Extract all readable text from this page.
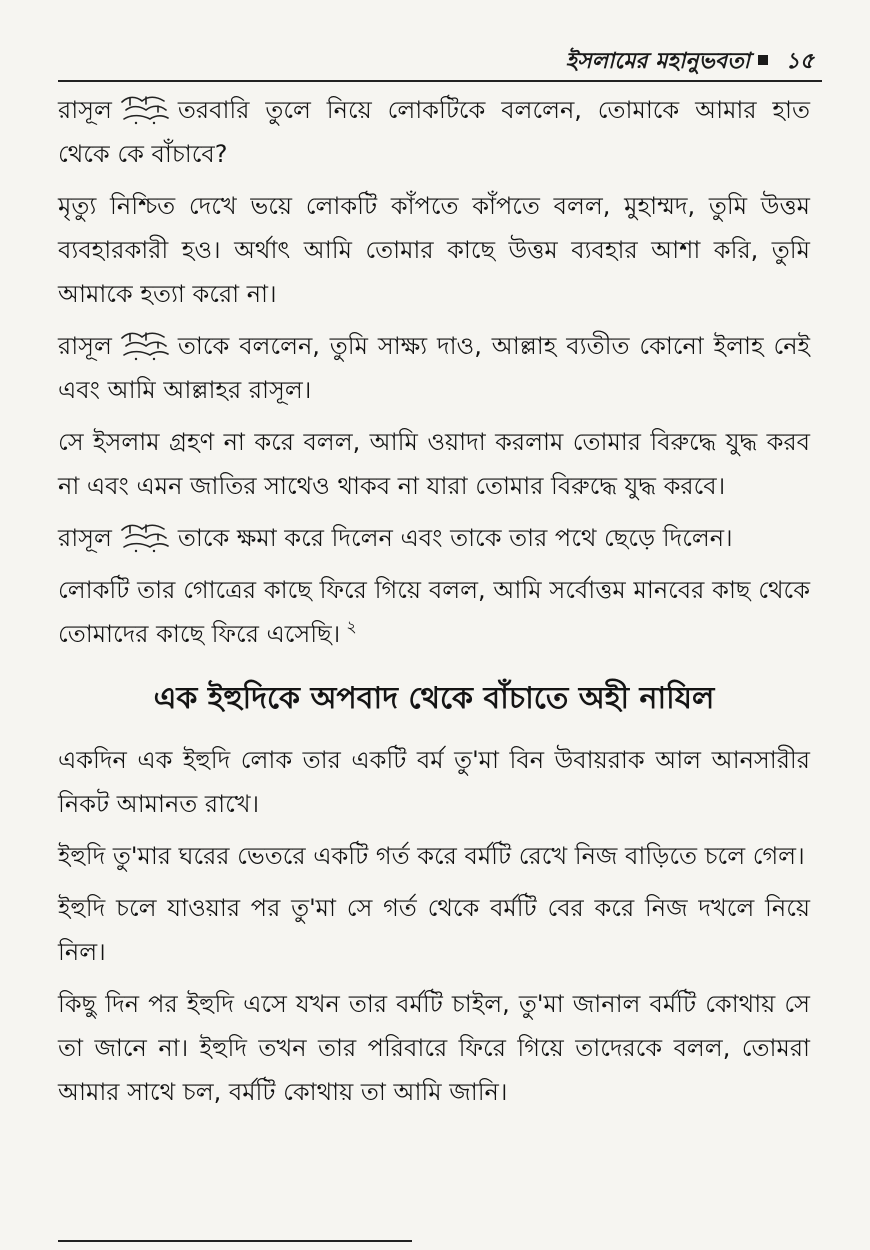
ইসলামের মহানুভবতা ১৫

রাসূল	তরবারি তুলে নিয়ে লোকটিকে বললেন, তোমাকে আমার হাত থেকে কে বাঁচাবে?

মৃত্যু নিশ্চিত দেখে ভয়ে লোকটি কাঁপতে কাঁপতে বলল, মুহাম্মদ, তুমি উত্তম ব্যবহারকারী হও। অর্থাৎ আমি তোমার কাছে উত্তম ব্যবহার আশা করি, তুমি আমাকে হত্যা করো না।

রাসূল	তাকে বললেন, তুমি সাক্ষ্য দাও, আল্লাহ ব্যতীত কোনো ইলাহ নেই এবং আমি আল্লাহর রাসূল।

সে ইসলাম গ্রহণ না করে বলল, আমি ওয়াদা করলাম তোমার বিরুদ্ধে যুদ্ধ করব না এবং এমন জাতির সাথেও থাকব না যারা তোমার বিরুদ্ধে যুদ্ধ করবে।

রাসূল	তাকে ক্ষমা করে দিলেন এবং তাকে তার পথে ছেড়ে দিলেন।

লোকটি তার গোত্রের কাছে ফিরে গিয়ে বলল, আমি সর্বোত্তম মানবের কাছ থেকে তোমাদের কাছে ফিরে এসেছি। $^২$

এক ইহুদিকে অপবাদ থেকে বাঁচাতে অহী নাযিল

একদিন এক ইহুদি লোক তার একটি বর্ম তু'মা বিন উবায়রাক আল আনসারীর নিকট আমানত রাখে।

ইহুদি তু'মার ঘরের ভেতরে একটি গর্ত করে বর্মটি রেখে নিজ বাড়িতে চলে গেল।

ইহুদি চলে যাওয়ার পর তু'মা সে গর্ত থেকে বর্মটি বের করে নিজ দখলে নিয়ে নিল।

কিছু দিন পর ইহুদি এসে যখন তার বর্মটি চাইল, তু'মা জানাল বর্মটি কোথায় সে তা জানে না। ইহুদি তখন তার পরিবারে ফিরে গিয়ে তাদেরকে বলল, তোমরা আমার সাথে চল, বর্মটি কোথায় তা আমি জানি।
